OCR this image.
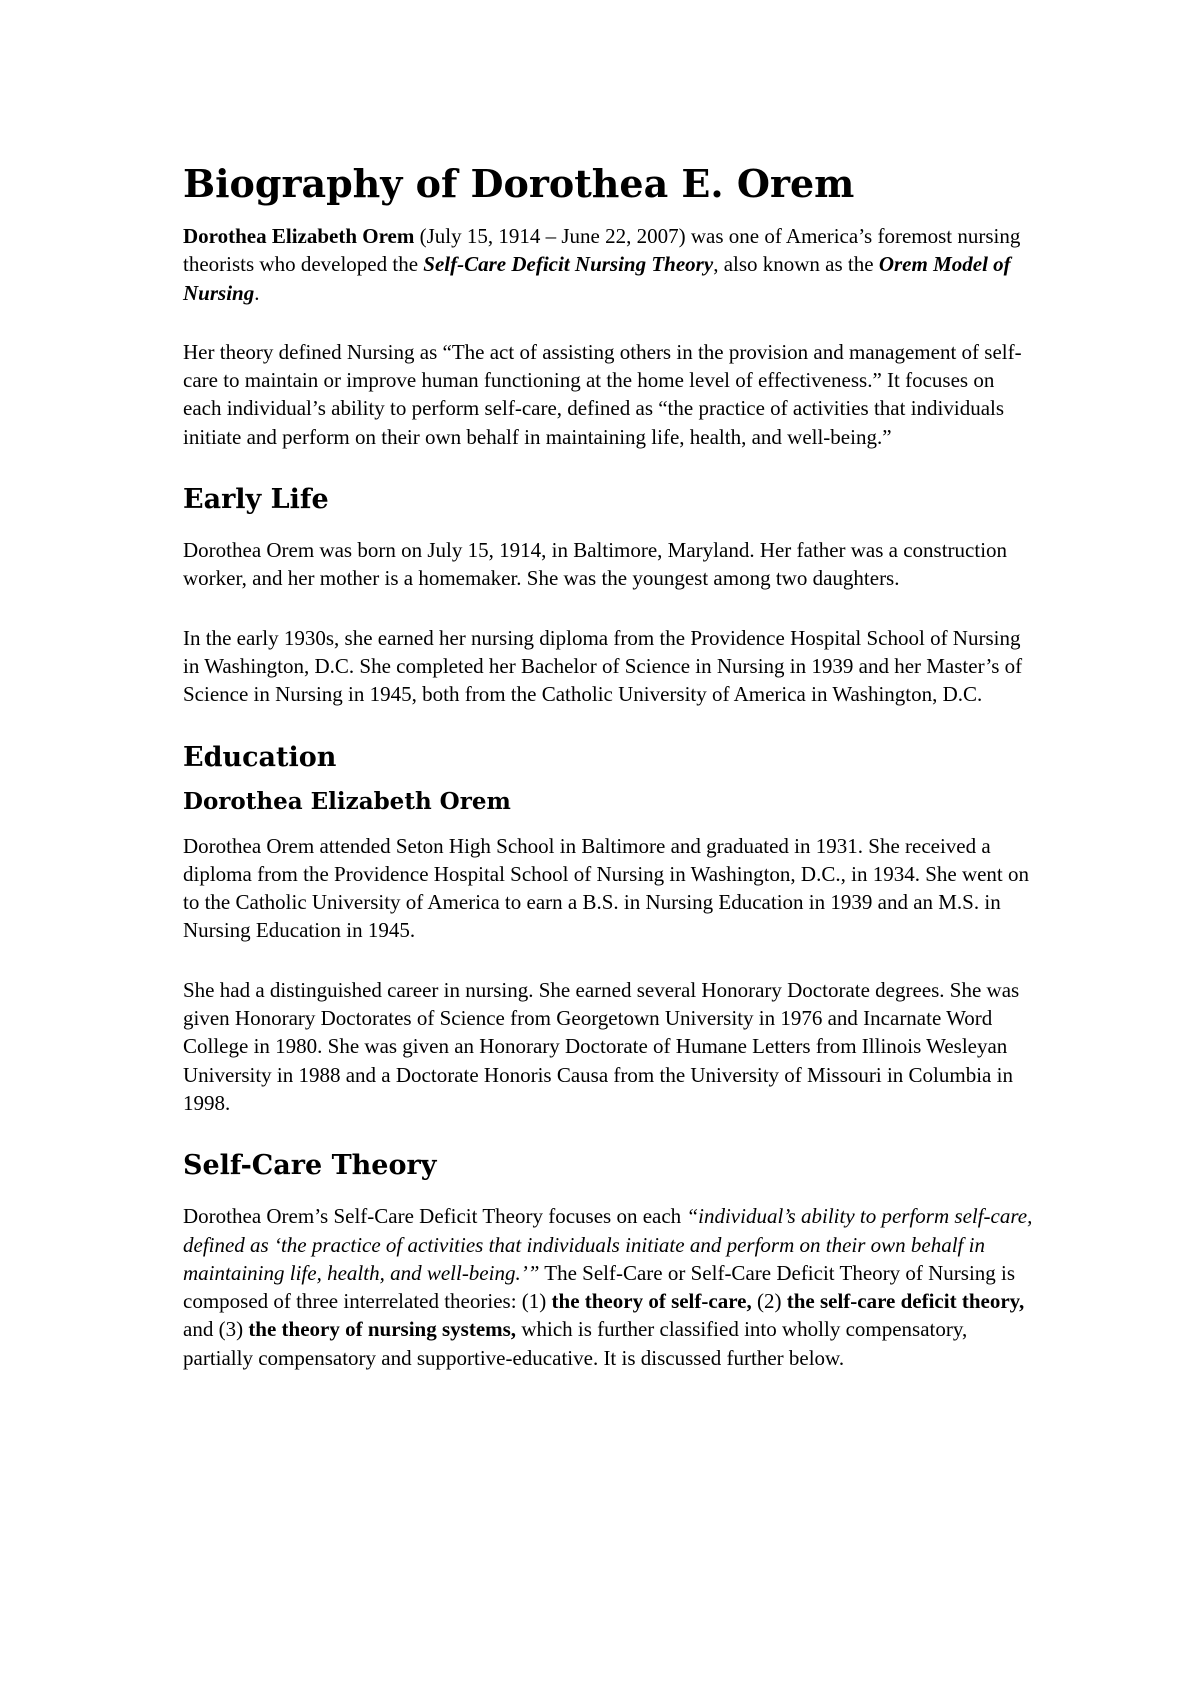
Biography of Dorothea E. Orem

Dorothea Elizabeth Orem (July 15, 1914 – June 22, 2007) was one of America’s foremost nursing theorists who developed the Self-Care Deficit Nursing Theory, also known as the Orem Model of Nursing.

Her theory defined Nursing as “The act of assisting others in the provision and management of self-care to maintain or improve human functioning at the home level of effectiveness.” It focuses on each individual’s ability to perform self-care, defined as “the practice of activities that individuals initiate and perform on their own behalf in maintaining life, health, and well-being.”

Early Life

Dorothea Orem was born on July 15, 1914, in Baltimore, Maryland. Her father was a construction worker, and her mother is a homemaker. She was the youngest among two daughters.

In the early 1930s, she earned her nursing diploma from the Providence Hospital School of Nursing in Washington, D.C. She completed her Bachelor of Science in Nursing in 1939 and her Master’s of Science in Nursing in 1945, both from the Catholic University of America in Washington, D.C.

Education
Dorothea Elizabeth Orem

Dorothea Orem attended Seton High School in Baltimore and graduated in 1931. She received a diploma from the Providence Hospital School of Nursing in Washington, D.C., in 1934. She went on to the Catholic University of America to earn a B.S. in Nursing Education in 1939 and an M.S. in Nursing Education in 1945.

She had a distinguished career in nursing. She earned several Honorary Doctorate degrees. She was given Honorary Doctorates of Science from Georgetown University in 1976 and Incarnate Word College in 1980. She was given an Honorary Doctorate of Humane Letters from Illinois Wesleyan University in 1988 and a Doctorate Honoris Causa from the University of Missouri in Columbia in 1998.

Self-Care Theory

Dorothea Orem’s Self-Care Deficit Theory focuses on each “individual’s ability to perform self-care, defined as ‘the practice of activities that individuals initiate and perform on their own behalf in maintaining life, health, and well-being.’” The Self-Care or Self-Care Deficit Theory of Nursing is composed of three interrelated theories: (1) the theory of self-care, (2) the self-care deficit theory, and (3) the theory of nursing systems, which is further classified into wholly compensatory, partially compensatory and supportive-educative. It is discussed further below.
